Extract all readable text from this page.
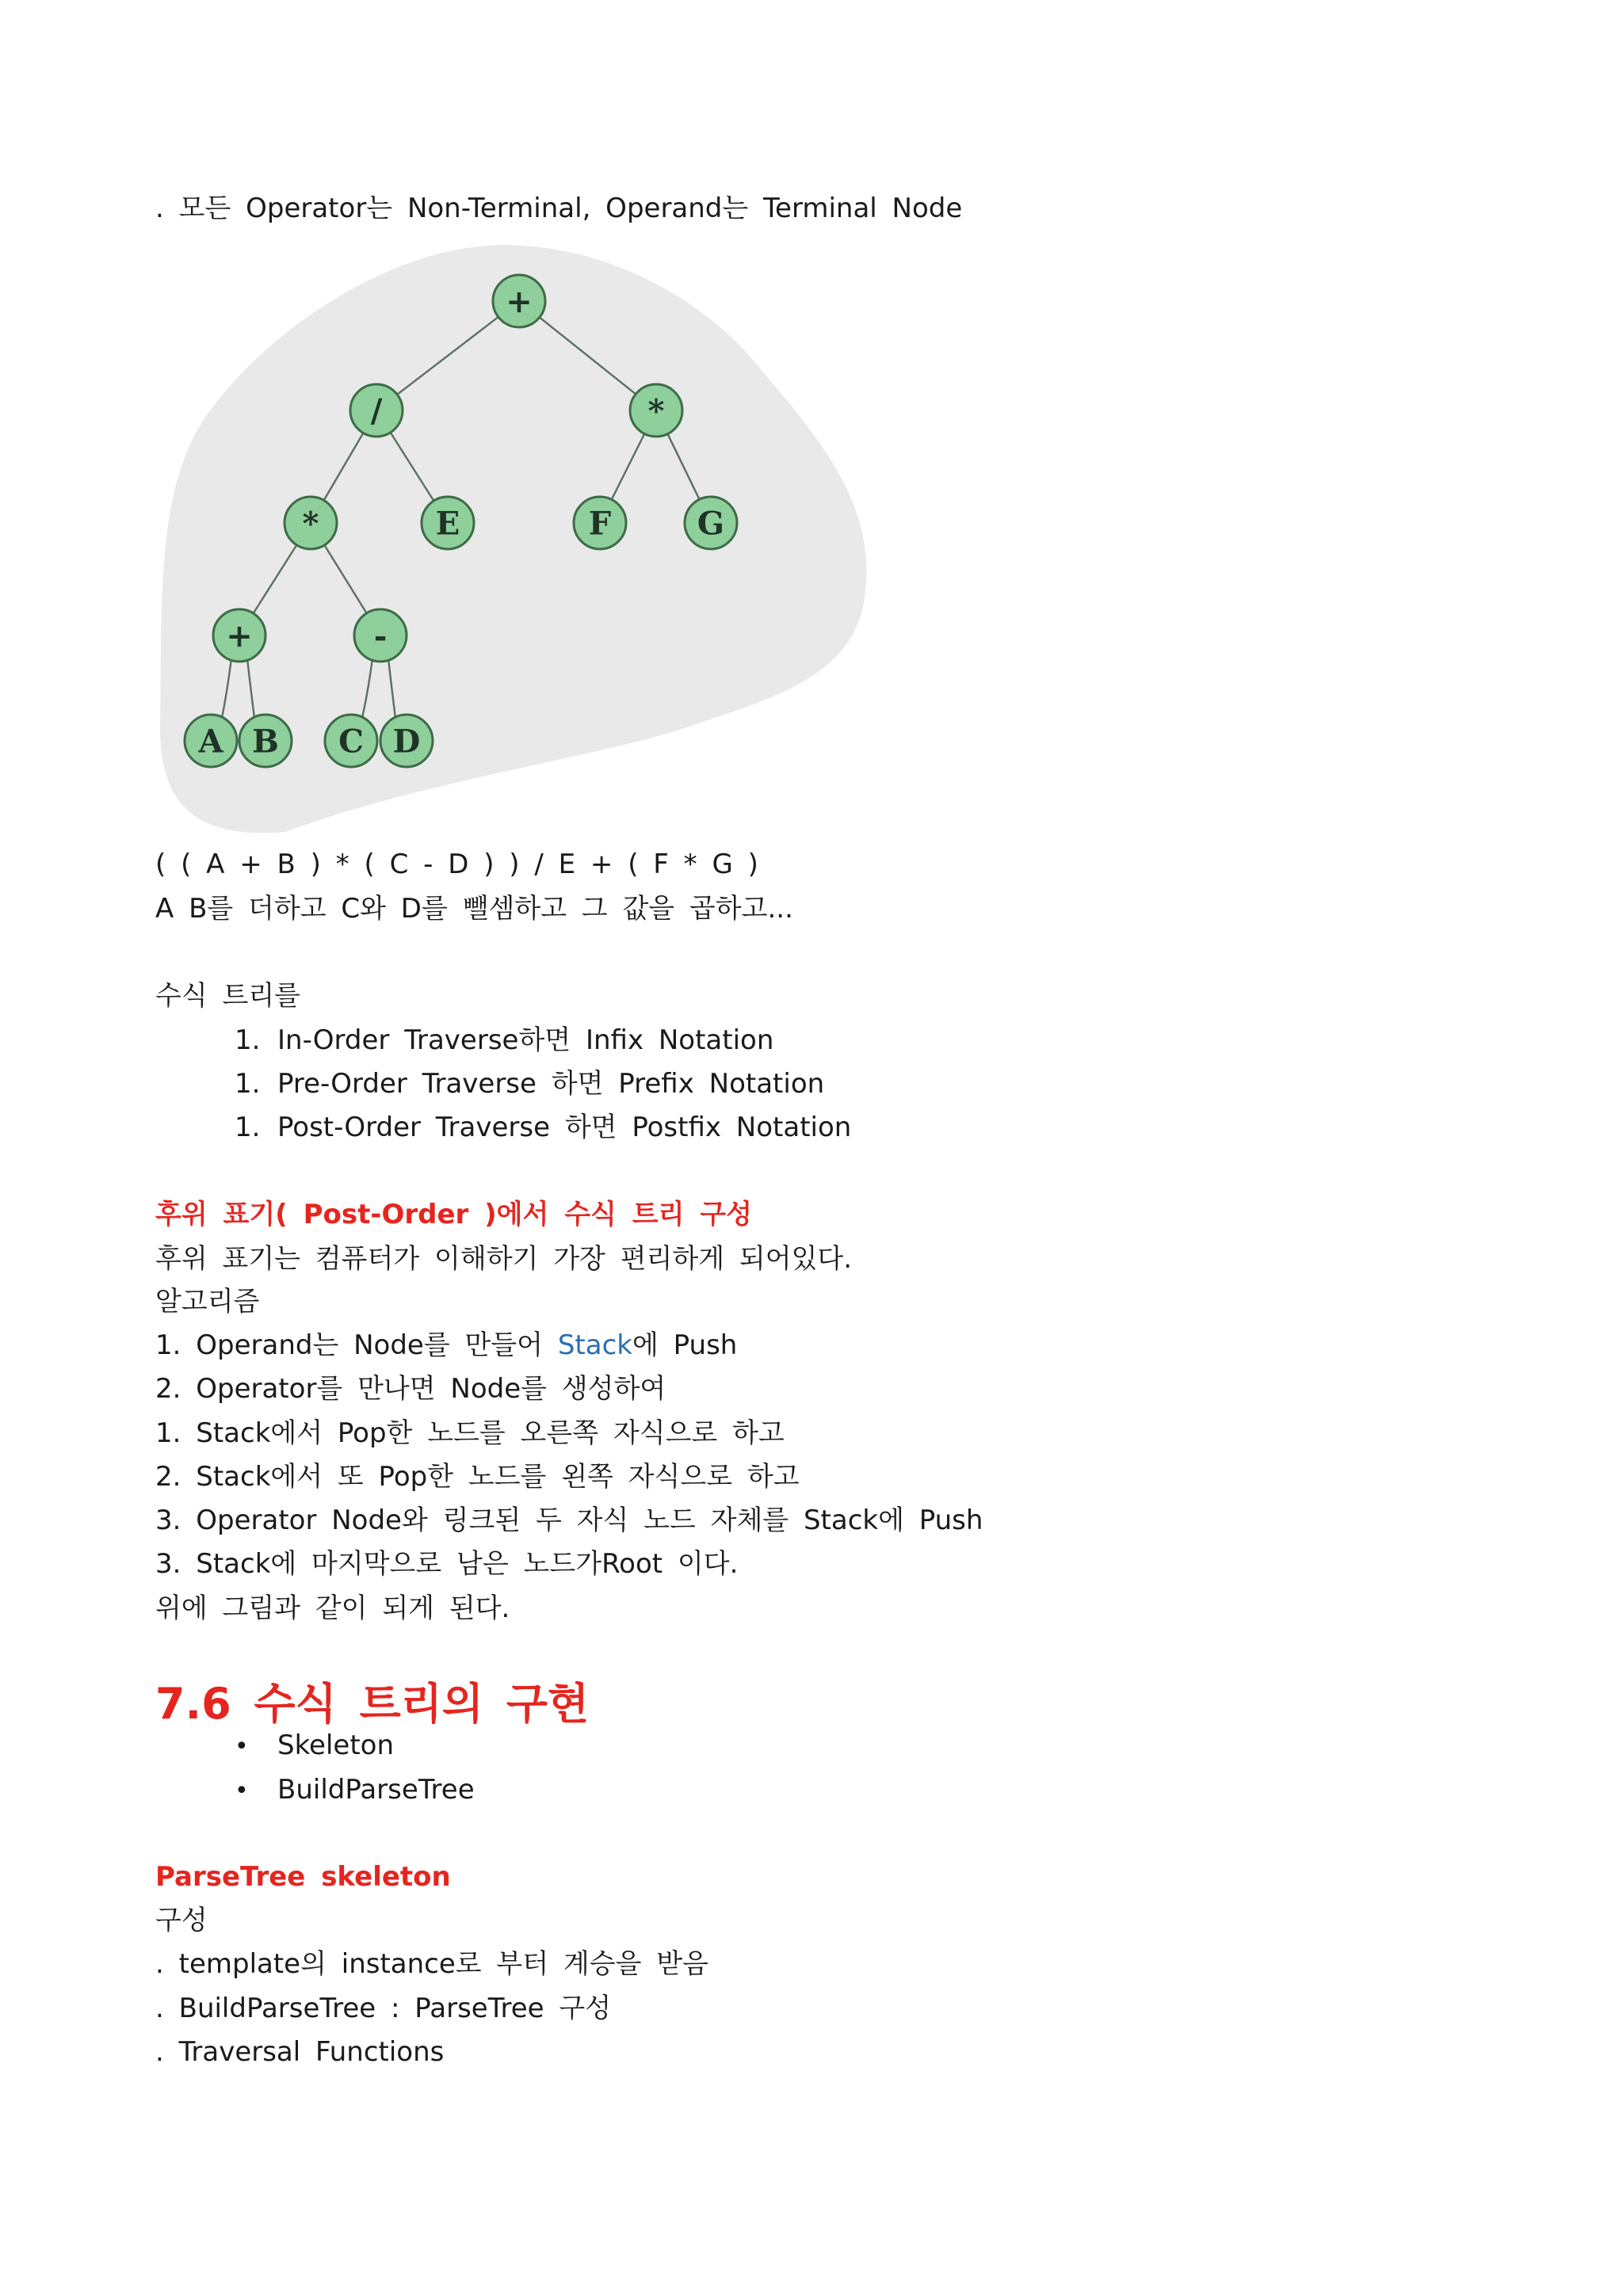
. 모든 Operator는 Non-Terminal, Operand는 Terminal Node
+
/	*
*	E	F	G
+	-
A B C D
( ( A + B ) * ( C - D ) ) / E + ( F * G )
A B를 더하고 C와 D를 뺄셈하고 그 값을 곱하고...
수식 트리를
1. In-Order Traverse하면 Infix Notation
1. Pre-Order Traverse 하면 Prefix Notation
1. Post-Order Traverse 하면 Postfix Notation
후위 표기( Post-Order )에서 수식 트리 구성
후위 표기는 컴퓨터가 이해하기 가장 편리하게 되어있다.
알고리즘
1. Operand는 Node를 만들어 Stack에 Push
2. Operator를 만나면 Node를 생성하여
1. Stack에서 Pop한 노드를 오른쪽 자식으로 하고
2. Stack에서 또 Pop한 노드를 왼쪽 자식으로 하고
3. Operator Node와 링크된 두 자식 노드 자체를 Stack에 Push
3. Stack에 마지막으로 남은 노드가Root 이다.
위에 그림과 같이 되게 된다.
7.6 수식 트리의 구현
• Skeleton
• BuildParseTree
ParseTree skeleton
구성
. template의 instance로 부터 계승을 받음
. BuildParseTree : ParseTree 구성
. Traversal Functions
